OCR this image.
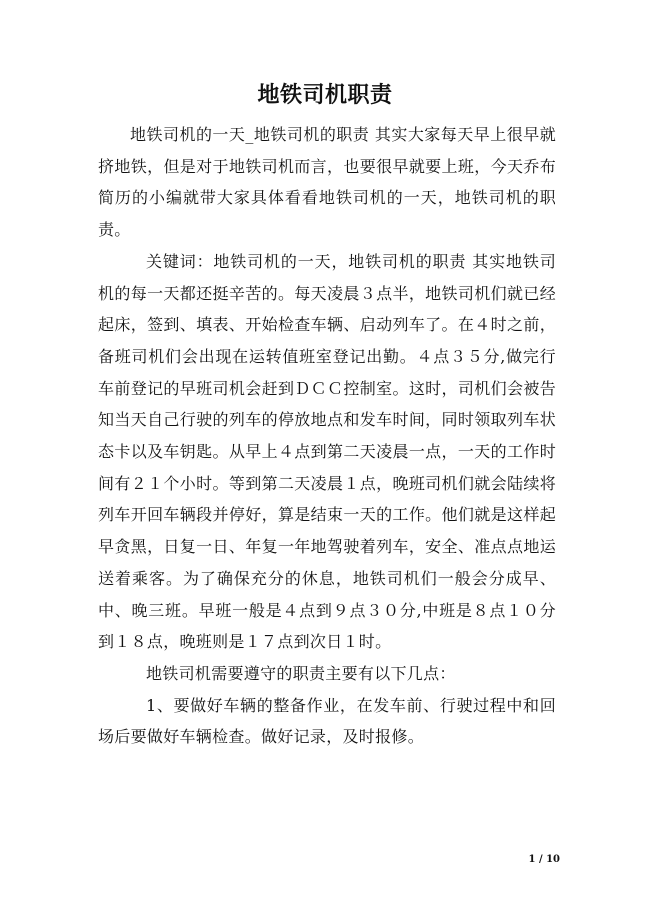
地铁司机职责

地铁司机的一天_地铁司机的职责 其实大家每天早上很早就挤地铁，但是对于地铁司机而言，也要很早就要上班，今天乔布简历的小编就带大家具体看看地铁司机的一天，地铁司机的职责。

关键词：地铁司机的一天，地铁司机的职责 其实地铁司机的每一天都还挺辛苦的。每天凌晨３点半，地铁司机们就已经起床，签到、填表、开始检查车辆、启动列车了。在４时之前，备班司机们会出现在运转值班室登记出勤。４点３５分,做完行车前登记的早班司机会赶到ＤＣＣ控制室。这时，司机们会被告知当天自己行驶的列车的停放地点和发车时间，同时领取列车状态卡以及车钥匙。从早上４点到第二天凌晨一点，一天的工作时间有２１个小时。等到第二天凌晨１点，晚班司机们就会陆续将列车开回车辆段并停好，算是结束一天的工作。他们就是这样起早贪黑，日复一日、年复一年地驾驶着列车，安全、准点点地运送着乘客。为了确保充分的休息，地铁司机们一般会分成早、中、晚三班。早班一般是４点到９点３０分,中班是８点１０分到１８点，晚班则是１７点到次日１时。

地铁司机需要遵守的职责主要有以下几点：

1、要做好车辆的整备作业，在发车前、行驶过程中和回场后要做好车辆检查。做好记录，及时报修。

1 / 10
